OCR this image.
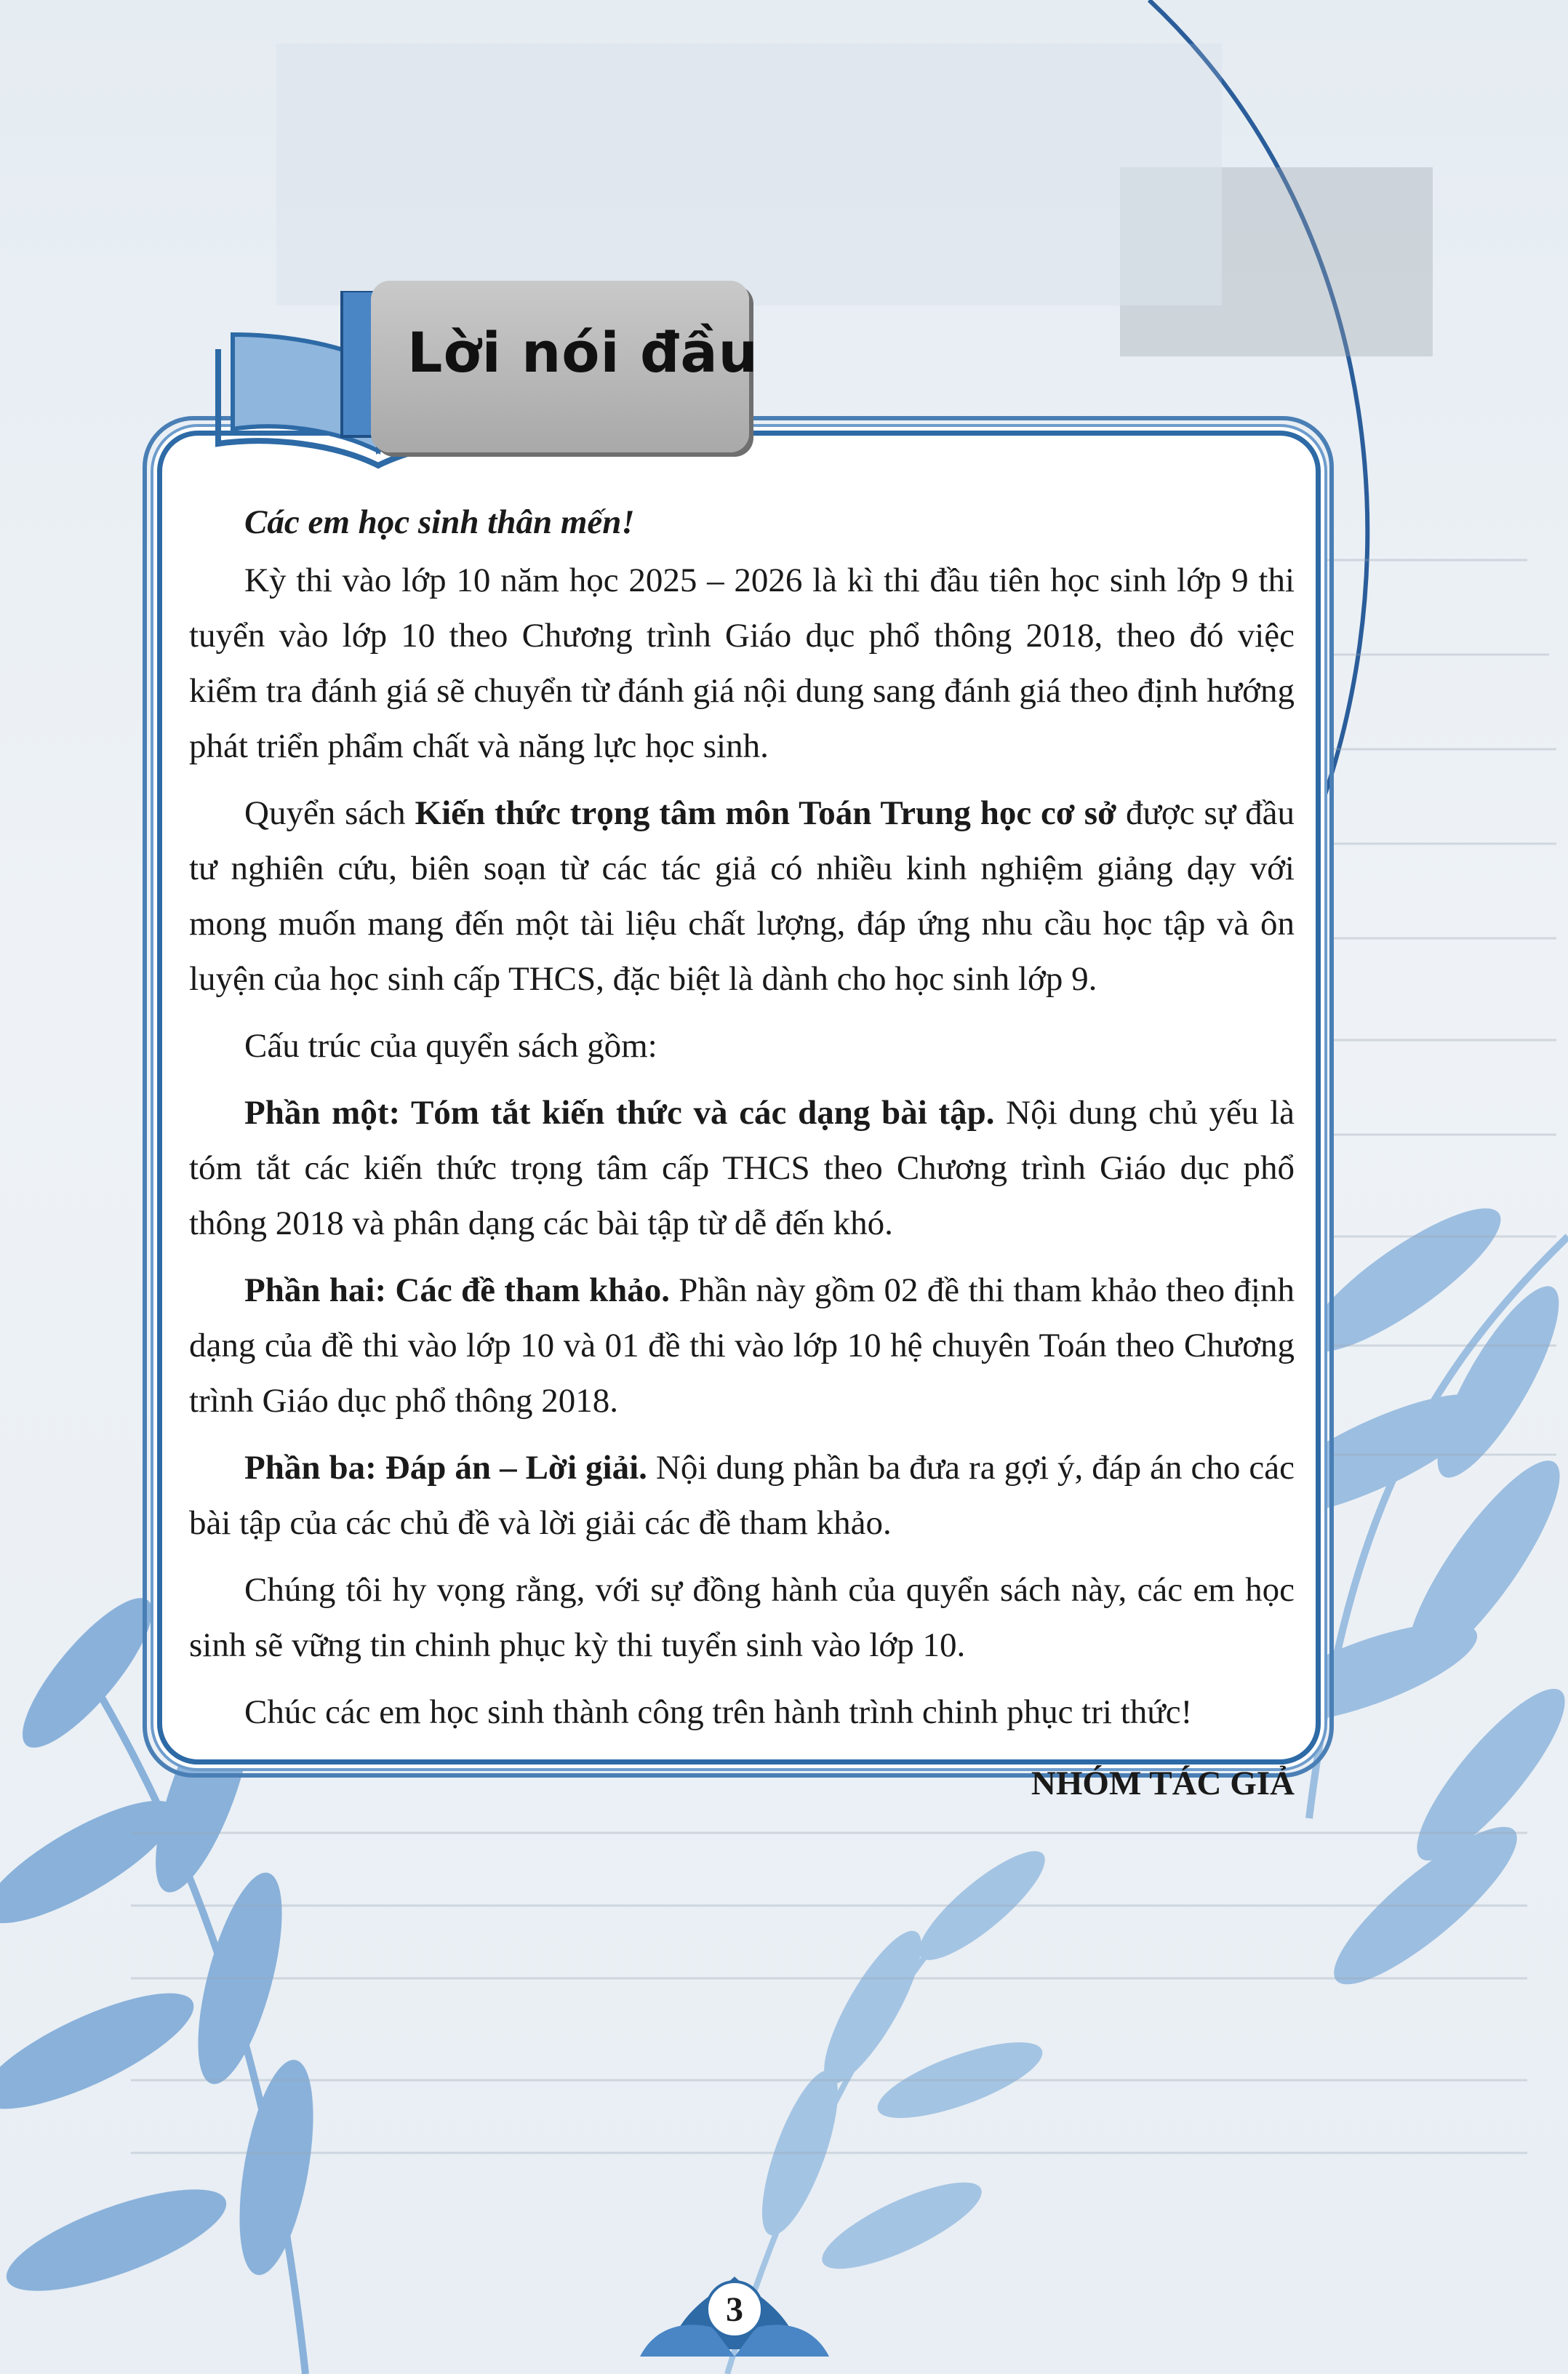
Lời nói đầu

Các em học sinh thân mến!

Kỳ thi vào lớp 10 năm học 2025 – 2026 là kì thi đầu tiên học sinh lớp 9 thi tuyển vào lớp 10 theo Chương trình Giáo dục phổ thông 2018, theo đó việc kiểm tra đánh giá sẽ chuyển từ đánh giá nội dung sang đánh giá theo định hướng phát triển phẩm chất và năng lực học sinh.

Quyển sách Kiến thức trọng tâm môn Toán Trung học cơ sở được sự đầu tư nghiên cứu, biên soạn từ các tác giả có nhiều kinh nghiệm giảng dạy với mong muốn mang đến một tài liệu chất lượng, đáp ứng nhu cầu học tập và ôn luyện của học sinh cấp THCS, đặc biệt là dành cho học sinh lớp 9.

Cấu trúc của quyển sách gồm:

Phần một: Tóm tắt kiến thức và các dạng bài tập. Nội dung chủ yếu là tóm tắt các kiến thức trọng tâm cấp THCS theo Chương trình Giáo dục phổ thông 2018 và phân dạng các bài tập từ dễ đến khó.

Phần hai: Các đề tham khảo. Phần này gồm 02 đề thi tham khảo theo định dạng của đề thi vào lớp 10 và 01 đề thi vào lớp 10 hệ chuyên Toán theo Chương trình Giáo dục phổ thông 2018.

Phần ba: Đáp án – Lời giải. Nội dung phần ba đưa ra gợi ý, đáp án cho các bài tập của các chủ đề và lời giải các đề tham khảo.

Chúng tôi hy vọng rằng, với sự đồng hành của quyển sách này, các em học sinh sẽ vững tin chinh phục kỳ thi tuyển sinh vào lớp 10.

Chúc các em học sinh thành công trên hành trình chinh phục tri thức!

NHÓM TÁC GIẢ

3
